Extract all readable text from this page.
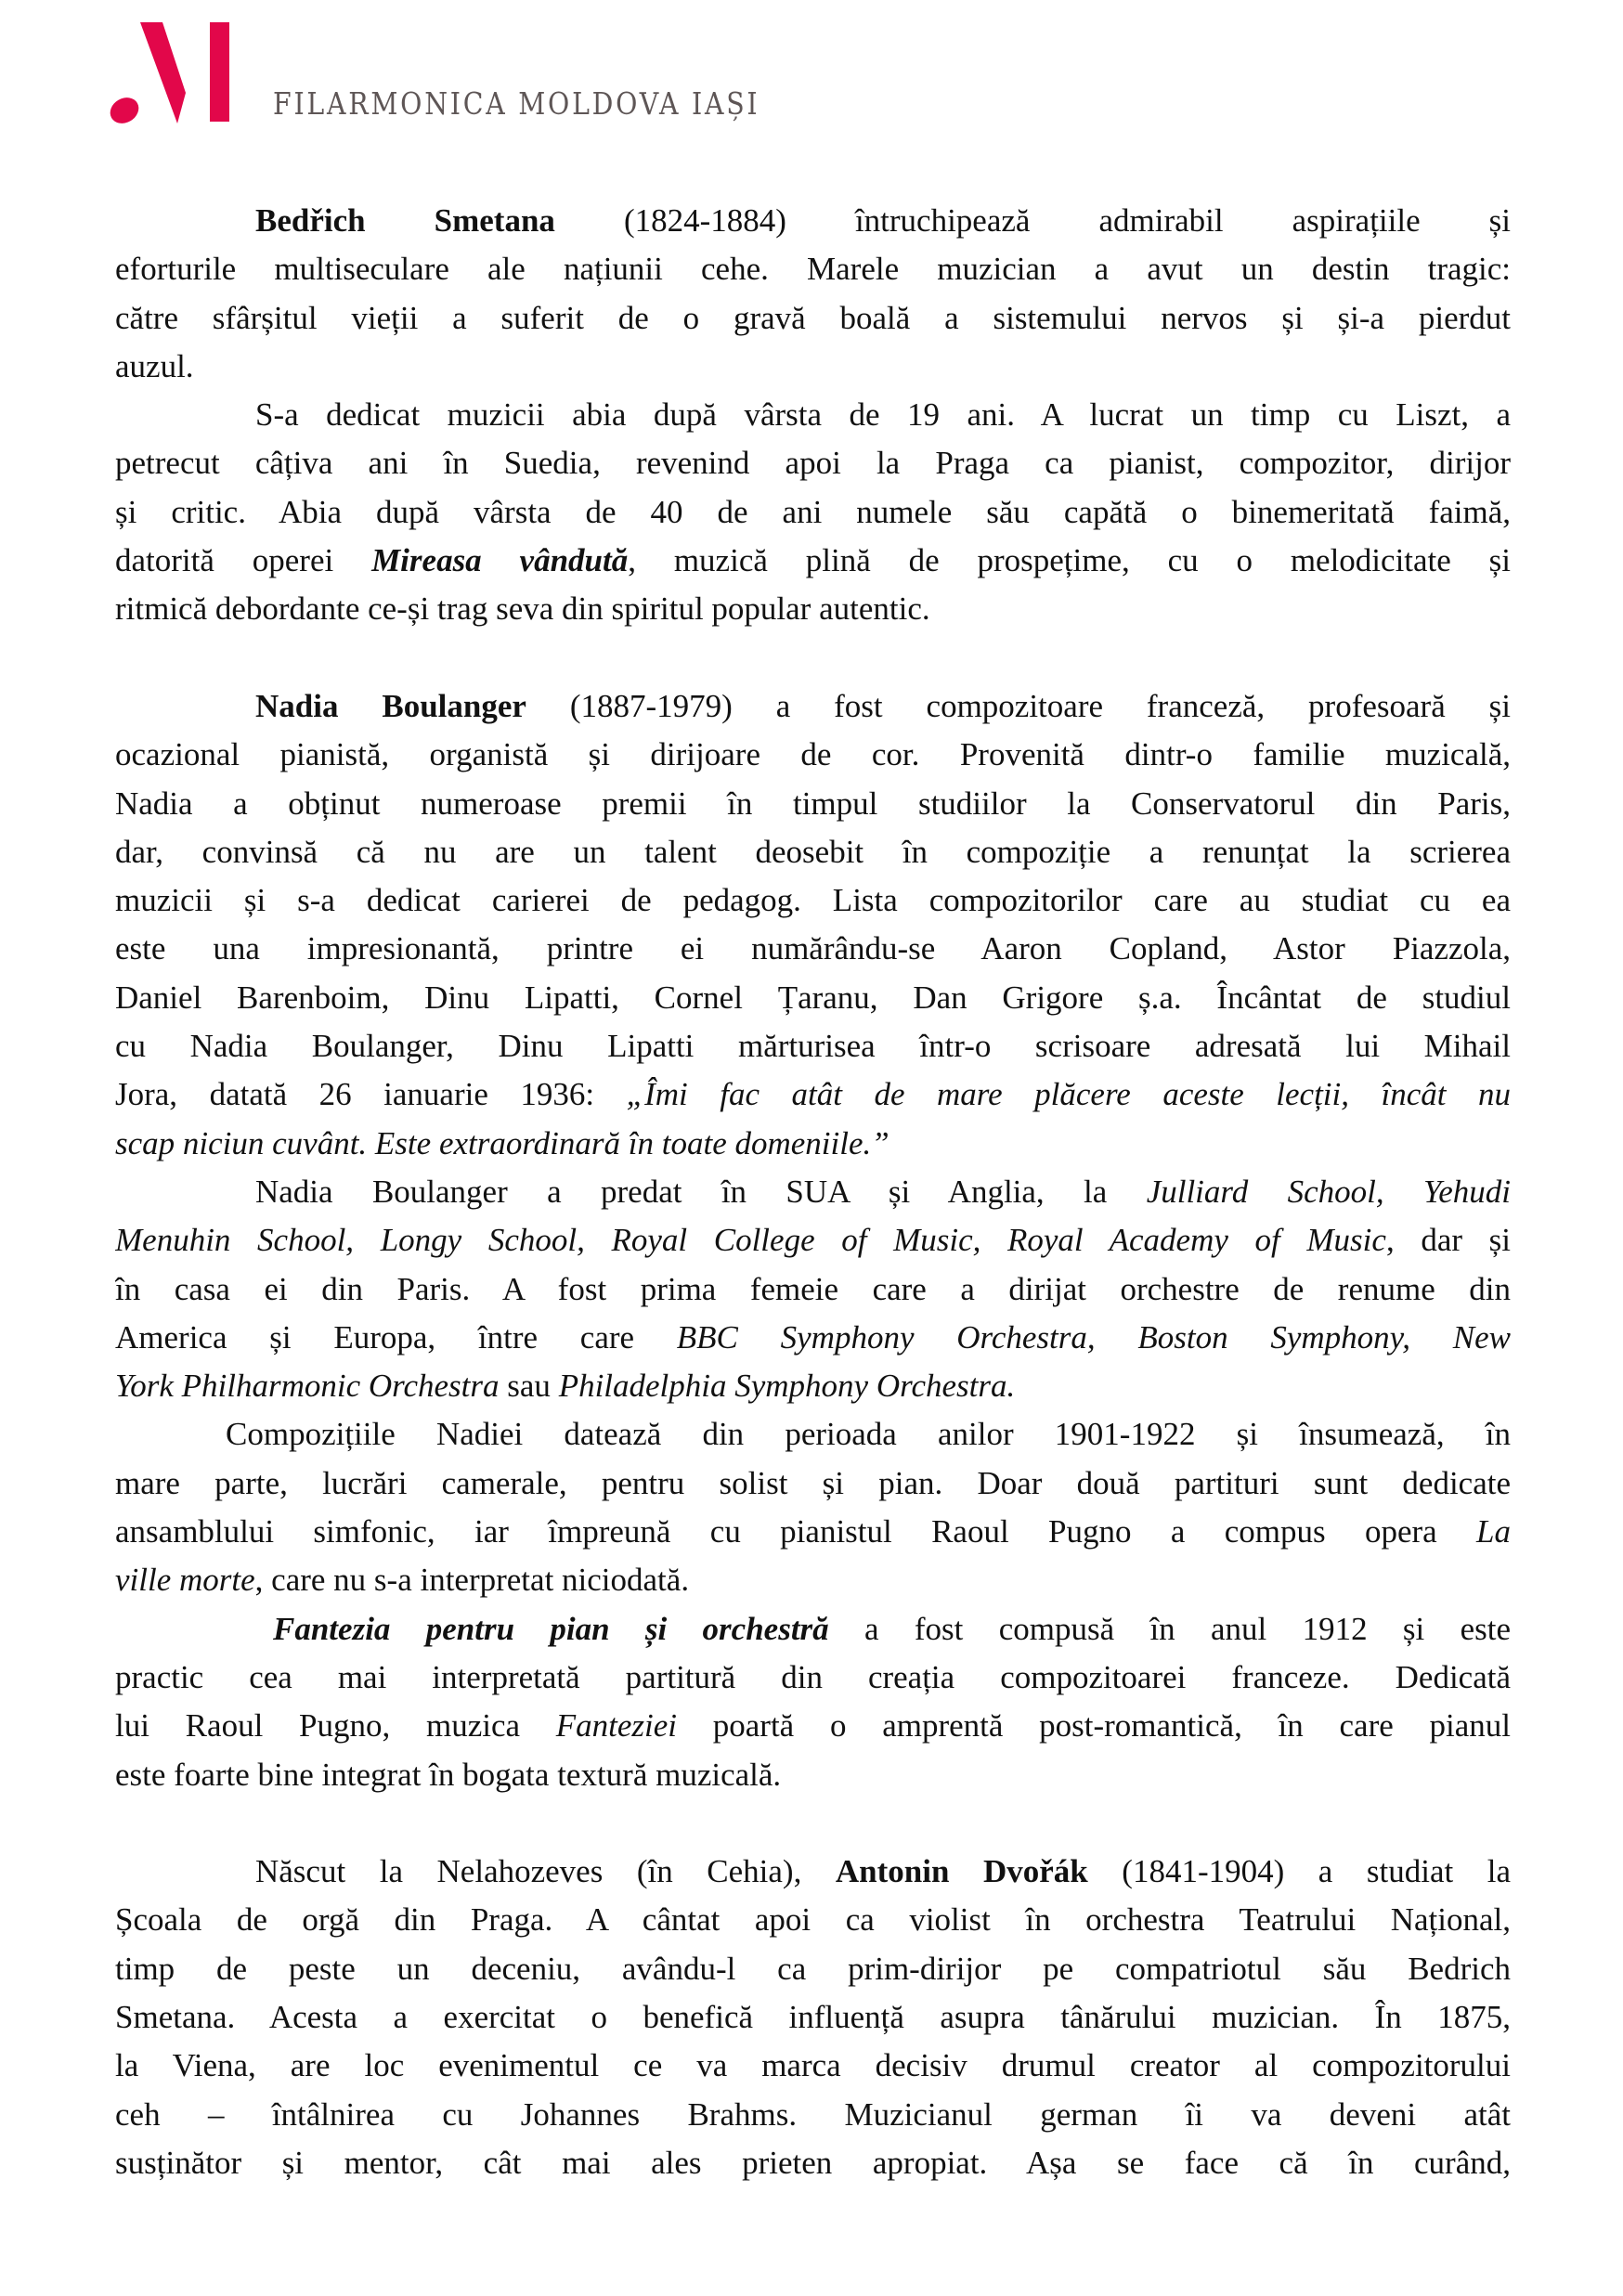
FILARMONICA MOLDOVA IAȘI
Bedřich Smetana (1824-1884) întruchipează admirabil aspirațiile și
eforturile multiseculare ale națiunii cehe. Marele muzician a avut un destin tragic:
către sfârșitul vieții a suferit de o gravă boală a sistemului nervos și și-a pierdut
auzul.
S-a dedicat muzicii abia după vârsta de 19 ani. A lucrat un timp cu Liszt, a
petrecut câțiva ani în Suedia, revenind apoi la Praga ca pianist, compozitor, dirijor
și critic. Abia după vârsta de 40 de ani numele său capătă o binemeritată faimă,
datorită operei Mireasa vândută, muzică plină de prospețime, cu o melodicitate și
ritmică debordante ce-și trag seva din spiritul popular autentic.
Nadia Boulanger (1887-1979) a fost compozitoare franceză, profesoară și
ocazional pianistă, organistă și dirijoare de cor. Provenită dintr-o familie muzicală,
Nadia a obținut numeroase premii în timpul studiilor la Conservatorul din Paris,
dar, convinsă că nu are un talent deosebit în compoziție a renunțat la scrierea
muzicii și s-a dedicat carierei de pedagog. Lista compozitorilor care au studiat cu ea
este una impresionantă, printre ei numărându-se Aaron Copland, Astor Piazzola,
Daniel Barenboim, Dinu Lipatti, Cornel Țaranu, Dan Grigore ș.a. Încântat de studiul
cu Nadia Boulanger, Dinu Lipatti mărturisea într-o scrisoare adresată lui Mihail
Jora, datată 26 ianuarie 1936: „Îmi fac atât de mare plăcere aceste lecții, încât nu
scap niciun cuvânt. Este extraordinară în toate domeniile.”
Nadia Boulanger a predat în SUA și Anglia, la Julliard School, Yehudi
Menuhin School, Longy School, Royal College of Music, Royal Academy of Music, dar și
în casa ei din Paris. A fost prima femeie care a dirijat orchestre de renume din
America și Europa, între care BBC Symphony Orchestra, Boston Symphony, New
York Philharmonic Orchestra sau Philadelphia Symphony Orchestra.
Compozițiile Nadiei datează din perioada anilor 1901-1922 și însumează, în
mare parte, lucrări camerale, pentru solist și pian. Doar două partituri sunt dedicate
ansamblului simfonic, iar împreună cu pianistul Raoul Pugno a compus opera La
ville morte, care nu s-a interpretat niciodată.
Fantezia pentru pian și orchestră a fost compusă în anul 1912 și este
practic cea mai interpretată partitură din creația compozitoarei franceze. Dedicată
lui Raoul Pugno, muzica Fanteziei poartă o amprentă post-romantică, în care pianul
este foarte bine integrat în bogata textură muzicală.
Născut la Nelahozeves (în Cehia), Antonin Dvořák (1841-1904) a studiat la
Școala de orgă din Praga. A cântat apoi ca violist în orchestra Teatrului Național,
timp de peste un deceniu, avându-l ca prim-dirijor pe compatriotul său Bedrich
Smetana. Acesta a exercitat o benefică influență asupra tânărului muzician. În 1875,
la Viena, are loc evenimentul ce va marca decisiv drumul creator al compozitorului
ceh – întâlnirea cu Johannes Brahms. Muzicianul german îi va deveni atât
susținător și mentor, cât mai ales prieten apropiat. Așa se face că în curând,
